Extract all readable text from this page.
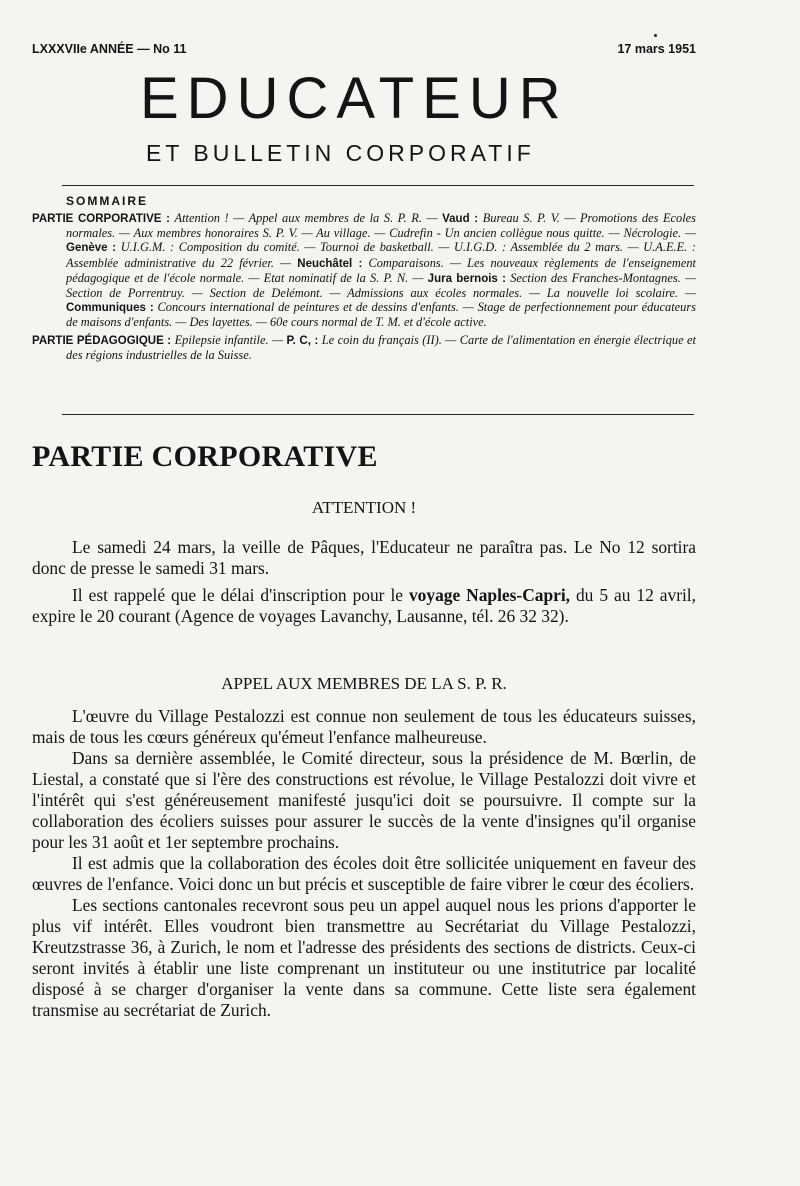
LXXXVIIe ANNÉE — No 11	17 mars 1951
EDUCATEUR
ET BULLETIN CORPORATIF
SOMMAIRE

PARTIE CORPORATIVE : Attention ! — Appel aux membres de la S. P. R. — Vaud : Bureau S. P. V. — Promotions des Ecoles normales. — Aux membres honoraires S. P. V. — Au village. — Cudrefin - Un ancien collègue nous quitte. — Nécrologie. — Genève : U.I.G.M. : Composition du comité. — Tournoi de basketball. — U.I.G.D. : Assemblée du 2 mars. — U.A.E.E. : Assemblée administrative du 22 février. — Neuchâtel : Comparaisons. — Les nouveaux règlements de l'enseignement pédagogique et de l'école normale. — Etat nominatif de la S. P. N. — Jura bernois : Section des Franches-Montagnes. — Section de Porrentruy. — Section de Delémont. — Admissions aux écoles normales. — La nouvelle loi scolaire. — Communiques : Concours international de peintures et de dessins d'enfants. — Stage de perfectionnement pour éducateurs de maisons d'enfants. — Des layettes. — 60e cours normal de T. M. et d'école active.

PARTIE PÉDAGOGIQUE : Epilepsie infantile. — P. C, : Le coin du français (II). — Carte de l'alimentation en énergie électrique et des régions industrielles de la Suisse.

PARTIE CORPORATIVE
ATTENTION !

Le samedi 24 mars, la veille de Pâques, l'Educateur ne paraîtra pas. Le No 12 sortira donc de presse le samedi 31 mars.

Il est rappelé que le délai d'inscription pour le voyage Naples-Capri, du 5 au 12 avril, expire le 20 courant (Agence de voyages Lavanchy, Lausanne, tél. 26 32 32).

APPEL AUX MEMBRES DE LA S. P. R.

L'œuvre du Village Pestalozzi est connue non seulement de tous les éducateurs suisses, mais de tous les cœurs généreux qu'émeut l'enfance malheureuse.

Dans sa dernière assemblée, le Comité directeur, sous la présidence de M. Bœrlin, de Liestal, a constaté que si l'ère des constructions est révolue, le Village Pestalozzi doit vivre et l'intérêt qui s'est généreusement manifesté jusqu'ici doit se poursuivre. Il compte sur la collaboration des écoliers suisses pour assurer le succès de la vente d'insignes qu'il organise pour les 31 août et 1er septembre prochains.

Il est admis que la collaboration des écoles doit être sollicitée uniquement en faveur des œuvres de l'enfance. Voici donc un but précis et susceptible de faire vibrer le cœur des écoliers.

Les sections cantonales recevront sous peu un appel auquel nous les prions d'apporter le plus vif intérêt. Elles voudront bien transmettre au Secrétariat du Village Pestalozzi, Kreutzstrasse 36, à Zurich, le nom et l'adresse des présidents des sections de districts. Ceux-ci seront invités à établir une liste comprenant un instituteur ou une institutrice par localité disposé à se charger d'organiser la vente dans sa commune. Cette liste sera également transmise au secrétariat de Zurich.
